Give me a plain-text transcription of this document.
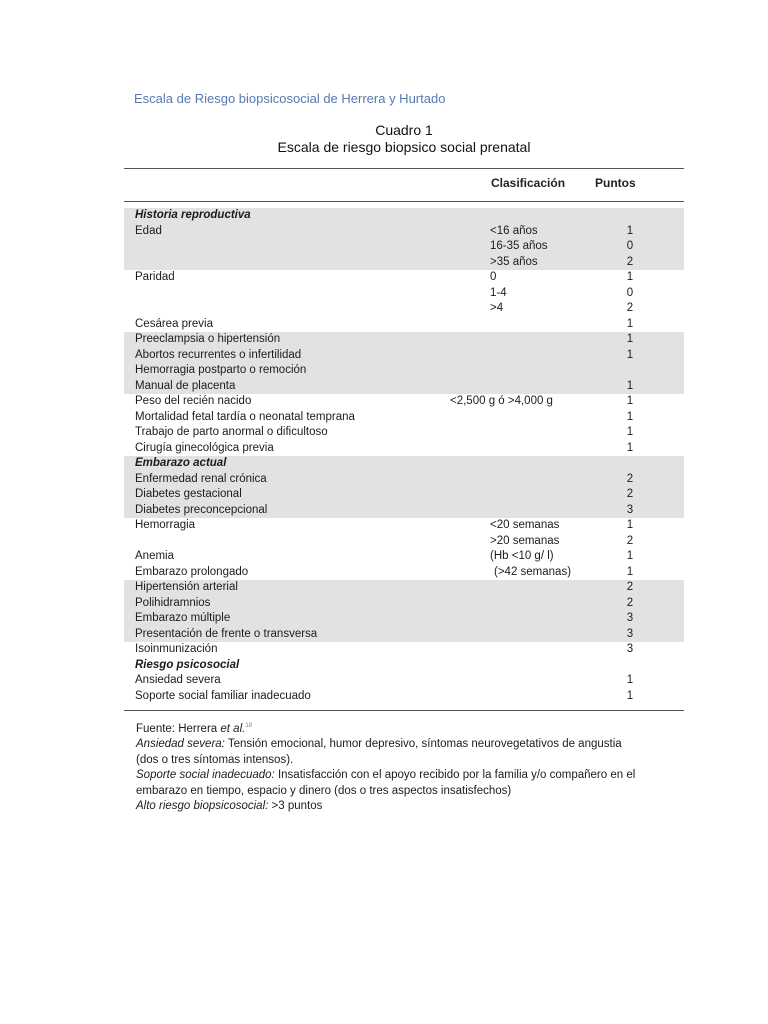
Escala de Riesgo biopsicosocial de Herrera y Hurtado
Cuadro 1
Escala de riesgo biopsico social prenatal
Clasificación Puntos
Historia reproductiva
Edad	<16 años	1
16-35 años	0
>35 años	2
Paridad	0	1
1-4	0
>4	2
Cesárea previa	1
Preeclampsia o hipertensión	1
Abortos recurrentes o infertilidad	1
Hemorragia postparto o remoción
Manual de placenta	1
Peso del recién nacido	<2,500 g ó >4,000 g	1
Mortalidad fetal tardía o neonatal temprana	1
Trabajo de parto anormal o dificultoso	1
Cirugía ginecológica previa	1
Embarazo actual
Enfermedad renal crónica	2
Diabetes gestacional	2
Diabetes preconcepcional	3
Hemorragia	<20 semanas	1
>20 semanas	2
Anemia	(Hb <10 g/ l)	1
Embarazo prolongado	(>42 semanas)	1
Hipertensión arterial	2
Polihidramnios	2
Embarazo múltiple	3
Presentación de frente o transversa	3
Isoinmunización	3
Riesgo psicosocial
Ansiedad severa	1
Soporte social familiar inadecuado	1
Fuente: Herrera et al.$^{18}$
Ansiedad severa: Tensión emocional, humor depresivo, síntomas neurovegetativos de angustia
(dos o tres síntomas intensos).
Soporte social inadecuado: Insatisfacción con el apoyo recibido por la familia y/o compañero en el
embarazo en tiempo, espacio y dinero (dos o tres aspectos insatisfechos)
Alto riesgo biopsicosocial: >3 puntos
